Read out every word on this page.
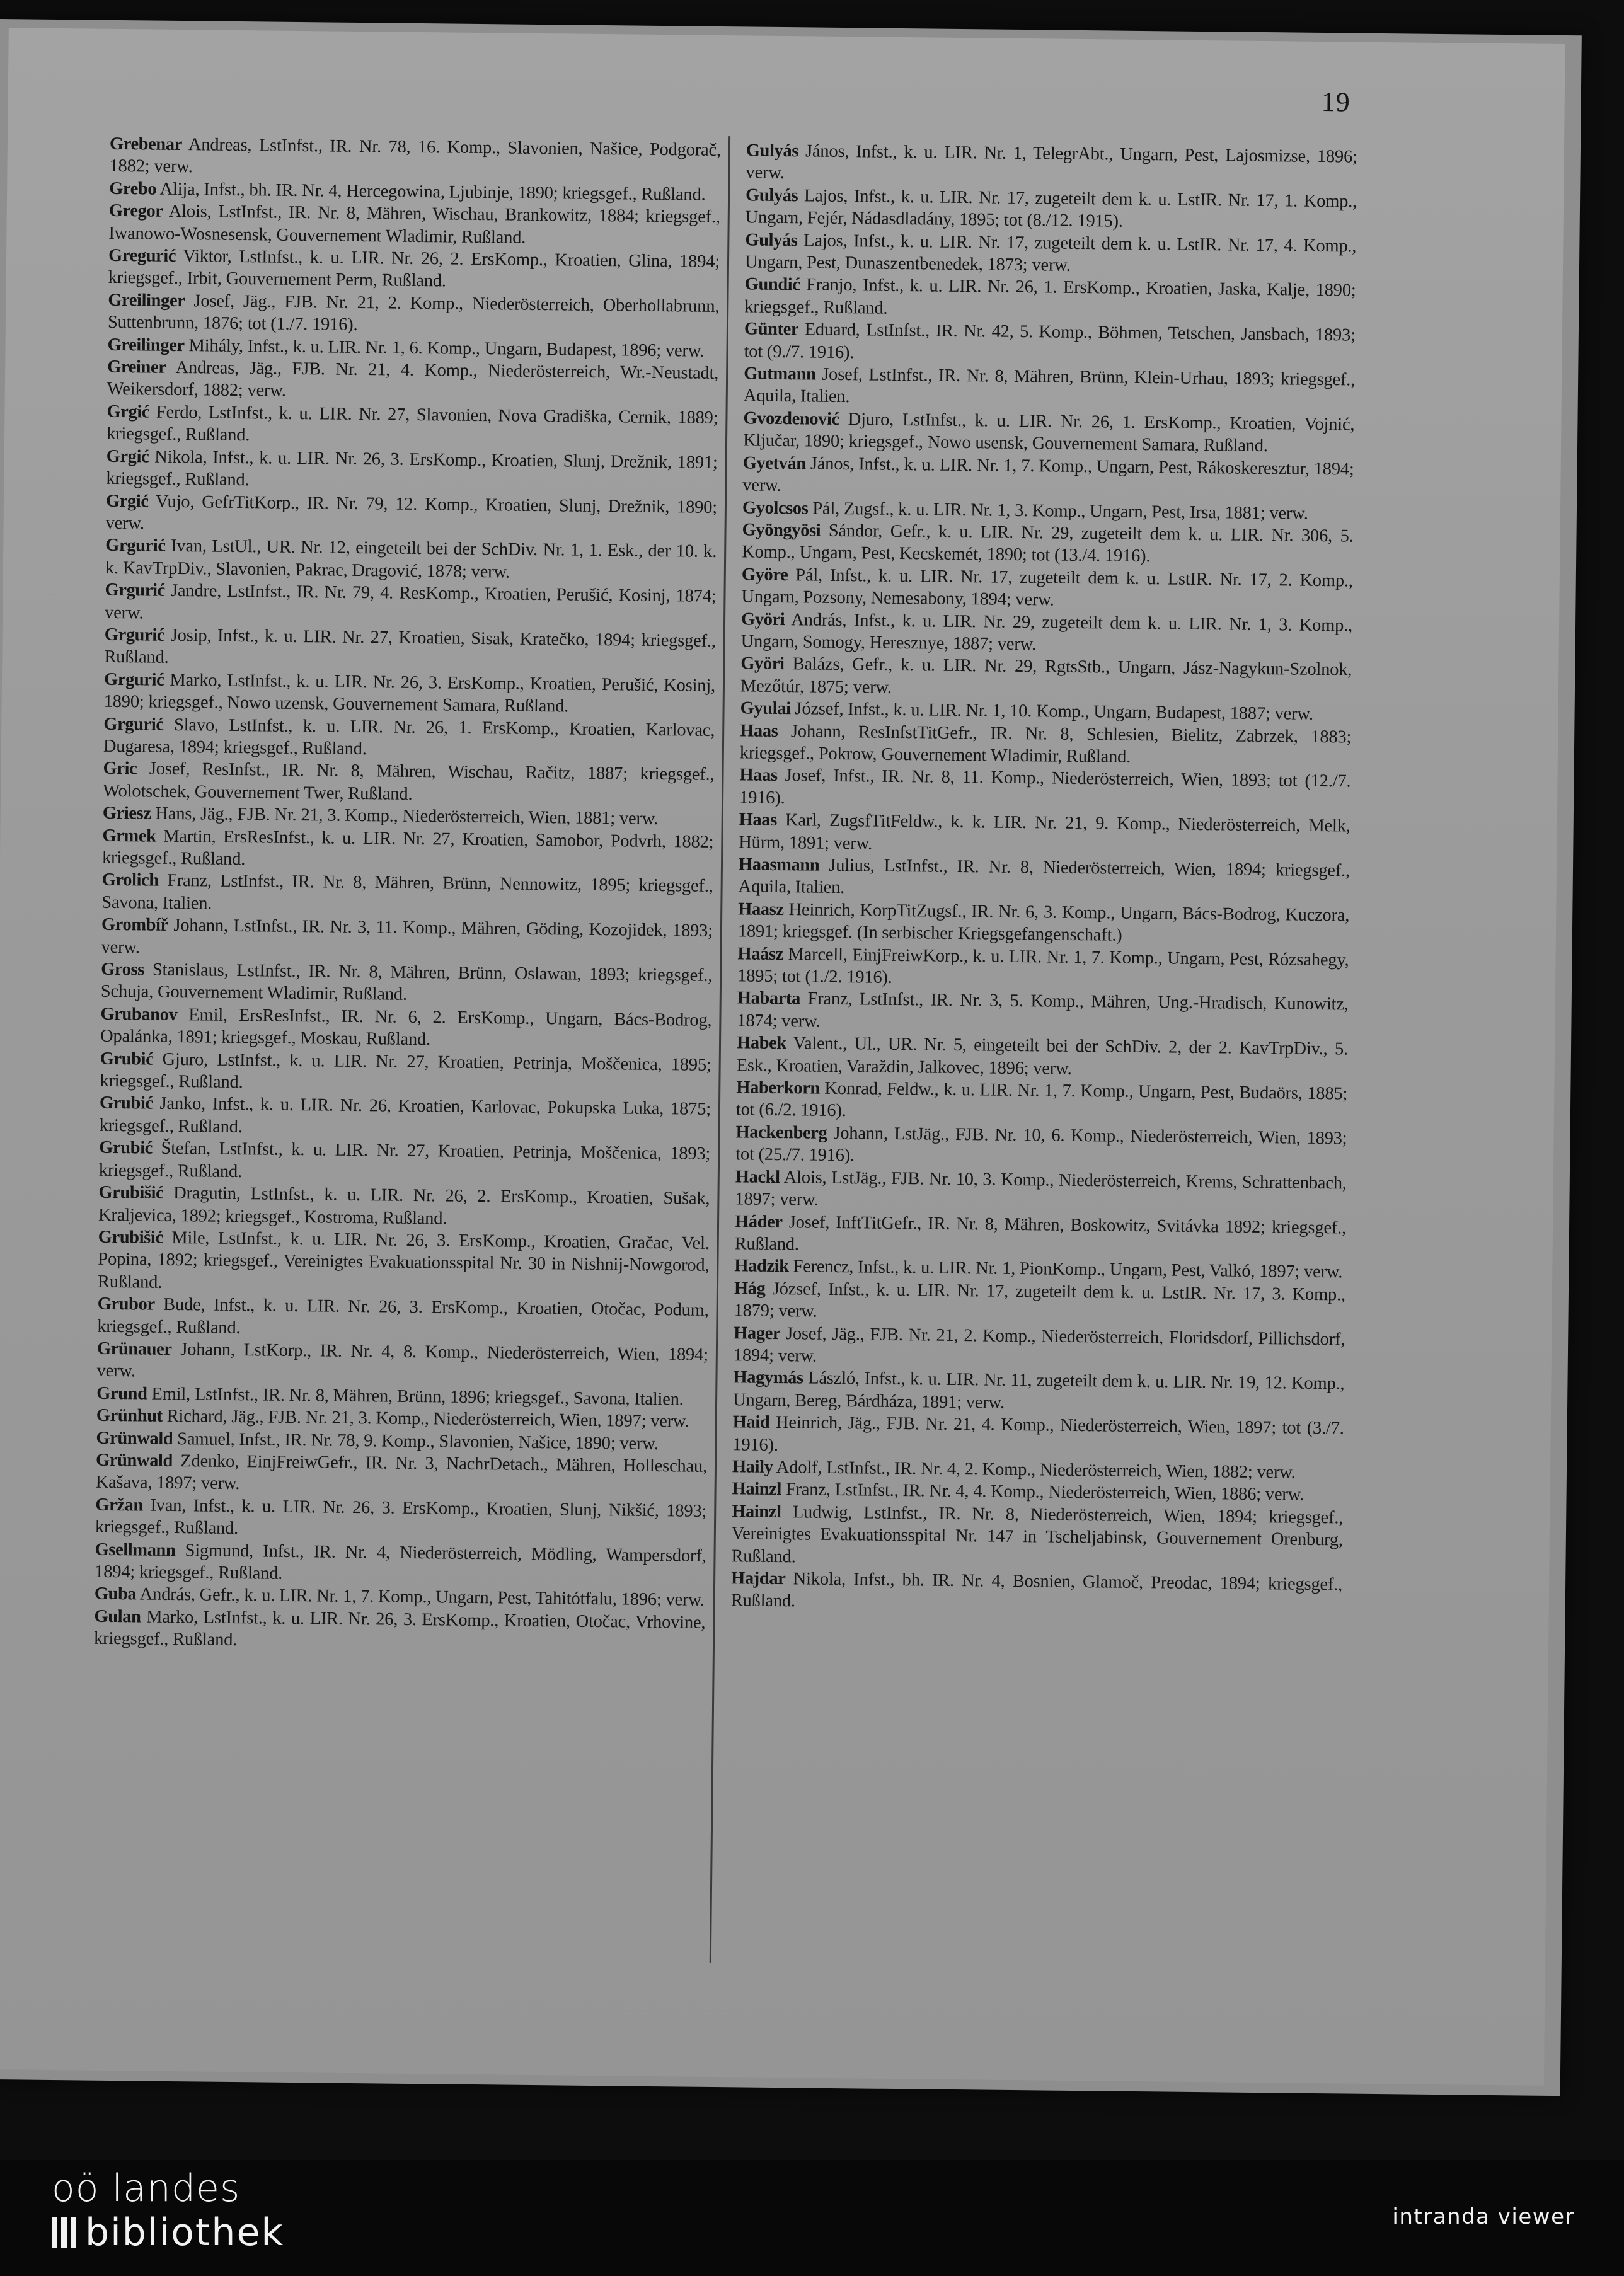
19

Grebenar Andreas, LstInfst., IR. Nr. 78, 16. Komp., Slavonien, Našice, Podgorač, 1882; verw.

Grebo Alija, Infst., bh. IR. Nr. 4, Hercegowina, Ljubinje, 1890; kriegsgef., Rußland.

Gregor Alois, LstInfst., IR. Nr. 8, Mähren, Wischau, Brankowitz, 1884; kriegsgef., Iwanowo-Wosnesensk, Gouvernement Wladimir, Rußland.

Gregurić Viktor, LstInfst., k. u. LIR. Nr. 26, 2. ErsKomp., Kroatien, Glina, 1894; kriegsgef., Irbit, Gouvernement Perm, Rußland.

Greilinger Josef, Jäg., FJB. Nr. 21, 2. Komp., Niederösterreich, Oberhollabrunn, Suttenbrunn, 1876; tot (1./7. 1916).

Greilinger Mihály, Infst., k. u. LIR. Nr. 1, 6. Komp., Ungarn, Budapest, 1896; verw.

Greiner Andreas, Jäg., FJB. Nr. 21, 4. Komp., Niederösterreich, Wr.-Neustadt, Weikersdorf, 1882; verw.

Grgić Ferdo, LstInfst., k. u. LIR. Nr. 27, Slavonien, Nova Gradiška, Cernik, 1889; kriegsgef., Rußland.

Grgić Nikola, Infst., k. u. LIR. Nr. 26, 3. ErsKomp., Kroatien, Slunj, Drežnik, 1891; kriegsgef., Rußland.

Grgić Vujo, GefrTitKorp., IR. Nr. 79, 12. Komp., Kroatien, Slunj, Drežnik, 1890; verw.

Grgurić Ivan, LstUl., UR. Nr. 12, eingeteilt bei der SchDiv. Nr. 1, 1. Esk., der 10. k. k. KavTrpDiv., Slavonien, Pakrac, Dragović, 1878; verw.

Grgurić Jandre, LstInfst., IR. Nr. 79, 4. ResKomp., Kroatien, Perušić, Kosinj, 1874; verw.

Grgurić Josip, Infst., k. u. LIR. Nr. 27, Kroatien, Sisak, Kratečko, 1894; kriegsgef., Rußland.

Grgurić Marko, LstInfst., k. u. LIR. Nr. 26, 3. ErsKomp., Kroatien, Perušić, Kosinj, 1890; kriegsgef., Nowo uzensk, Gouvernement Samara, Rußland.

Grgurić Slavo, LstInfst., k. u. LIR. Nr. 26, 1. ErsKomp., Kroatien, Karlovac, Dugaresa, 1894; kriegsgef., Rußland.

Gric Josef, ResInfst., IR. Nr. 8, Mähren, Wischau, Račitz, 1887; kriegsgef., Wolotschek, Gouvernement Twer, Rußland.

Griesz Hans, Jäg., FJB. Nr. 21, 3. Komp., Niederösterreich, Wien, 1881; verw.

Grmek Martin, ErsResInfst., k. u. LIR. Nr. 27, Kroatien, Samobor, Podvrh, 1882; kriegsgef., Rußland.

Grolich Franz, LstInfst., IR. Nr. 8, Mähren, Brünn, Nennowitz, 1895; kriegsgef., Savona, Italien.

Grombíř Johann, LstInfst., IR. Nr. 3, 11. Komp., Mähren, Göding, Kozojidek, 1893; verw.

Gross Stanislaus, LstInfst., IR. Nr. 8, Mähren, Brünn, Oslawan, 1893; kriegsgef., Schuja, Gouvernement Wladimir, Rußland.

Grubanov Emil, ErsResInfst., IR. Nr. 6, 2. ErsKomp., Ungarn, Bács-Bodrog, Opalánka, 1891; kriegsgef., Moskau, Rußland.

Grubić Gjuro, LstInfst., k. u. LIR. Nr. 27, Kroatien, Petrinja, Moščenica, 1895; kriegsgef., Rußland.

Grubić Janko, Infst., k. u. LIR. Nr. 26, Kroatien, Karlovac, Pokupska Luka, 1875; kriegsgef., Rußland.

Grubić Štefan, LstInfst., k. u. LIR. Nr. 27, Kroatien, Petrinja, Moščenica, 1893; kriegsgef., Rußland.

Grubišić Dragutin, LstInfst., k. u. LIR. Nr. 26, 2. ErsKomp., Kroatien, Sušak, Kraljevica, 1892; kriegsgef., Kostroma, Rußland.

Grubišić Mile, LstInfst., k. u. LIR. Nr. 26, 3. ErsKomp., Kroatien, Gračac, Vel. Popina, 1892; kriegsgef., Vereinigtes Evakuationsspital Nr. 30 in Nishnij-Nowgorod, Rußland.

Grubor Bude, Infst., k. u. LIR. Nr. 26, 3. ErsKomp., Kroatien, Otočac, Podum, kriegsgef., Rußland.

Grünauer Johann, LstKorp., IR. Nr. 4, 8. Komp., Niederösterreich, Wien, 1894; verw.

Grund Emil, LstInfst., IR. Nr. 8, Mähren, Brünn, 1896; kriegsgef., Savona, Italien.

Grünhut Richard, Jäg., FJB. Nr. 21, 3. Komp., Niederösterreich, Wien, 1897; verw.

Grünwald Samuel, Infst., IR. Nr. 78, 9. Komp., Slavonien, Našice, 1890; verw.

Grünwald Zdenko, EinjFreiwGefr., IR. Nr. 3, NachrDetach., Mähren, Holleschau, Kašava, 1897; verw.

Gržan Ivan, Infst., k. u. LIR. Nr. 26, 3. ErsKomp., Kroatien, Slunj, Nikšić, 1893; kriegsgef., Rußland.

Gsellmann Sigmund, Infst., IR. Nr. 4, Niederösterreich, Mödling, Wampersdorf, 1894; kriegsgef., Rußland.

Guba András, Gefr., k. u. LIR. Nr. 1, 7. Komp., Ungarn, Pest, Tahitótfalu, 1896; verw.

Gulan Marko, LstInfst., k. u. LIR. Nr. 26, 3. ErsKomp., Kroatien, Otočac, Vrhovine, kriegsgef., Rußland.

Gulyás János, Infst., k. u. LIR. Nr. 1, TelegrAbt., Ungarn, Pest, Lajosmizse, 1896; verw.

Gulyás Lajos, Infst., k. u. LIR. Nr. 17, zugeteilt dem k. u. LstIR. Nr. 17, 1. Komp., Ungarn, Fejér, Nádasdladány, 1895; tot (8./12. 1915).

Gulyás Lajos, Infst., k. u. LIR. Nr. 17, zugeteilt dem k. u. LstIR. Nr. 17, 4. Komp., Ungarn, Pest, Dunaszentbenedek, 1873; verw.

Gundić Franjo, Infst., k. u. LIR. Nr. 26, 1. ErsKomp., Kroatien, Jaska, Kalje, 1890; kriegsgef., Rußland.

Günter Eduard, LstInfst., IR. Nr. 42, 5. Komp., Böhmen, Tetschen, Jansbach, 1893; tot (9./7. 1916).

Gutmann Josef, LstInfst., IR. Nr. 8, Mähren, Brünn, Klein-Urhau, 1893; kriegsgef., Aquila, Italien.

Gvozdenović Djuro, LstInfst., k. u. LIR. Nr. 26, 1. ErsKomp., Kroatien, Vojnić, Ključar, 1890; kriegsgef., Nowo usensk, Gouvernement Samara, Rußland.

Gyetván János, Infst., k. u. LIR. Nr. 1, 7. Komp., Ungarn, Pest, Rákoskeresztur, 1894; verw.

Gyolcsos Pál, Zugsf., k. u. LIR. Nr. 1, 3. Komp., Ungarn, Pest, Irsa, 1881; verw.

Gyöngyösi Sándor, Gefr., k. u. LIR. Nr. 29, zugeteilt dem k. u. LIR. Nr. 306, 5. Komp., Ungarn, Pest, Kecskemét, 1890; tot (13./4. 1916).

Györe Pál, Infst., k. u. LIR. Nr. 17, zugeteilt dem k. u. LstIR. Nr. 17, 2. Komp., Ungarn, Pozsony, Nemesabony, 1894; verw.

Györi András, Infst., k. u. LIR. Nr. 29, zugeteilt dem k. u. LIR. Nr. 1, 3. Komp., Ungarn, Somogy, Heresznye, 1887; verw.

Györi Balázs, Gefr., k. u. LIR. Nr. 29, RgtsStb., Ungarn, Jász-Nagykun-Szolnok, Mezőtúr, 1875; verw.

Gyulai József, Infst., k. u. LIR. Nr. 1, 10. Komp., Ungarn, Budapest, 1887; verw.

Haas Johann, ResInfstTitGefr., IR. Nr. 8, Schlesien, Bielitz, Zabrzek, 1883; kriegsgef., Pokrow, Gouvernement Wladimir, Rußland.

Haas Josef, Infst., IR. Nr. 8, 11. Komp., Niederösterreich, Wien, 1893; tot (12./7. 1916).

Haas Karl, ZugsfTitFeldw., k. k. LIR. Nr. 21, 9. Komp., Niederösterreich, Melk, Hürm, 1891; verw.

Haasmann Julius, LstInfst., IR. Nr. 8, Niederösterreich, Wien, 1894; kriegsgef., Aquila, Italien.

Haasz Heinrich, KorpTitZugsf., IR. Nr. 6, 3. Komp., Ungarn, Bács-Bodrog, Kuczora, 1891; kriegsgef. (In serbischer Kriegsgefangenschaft.)

Haász Marcell, EinjFreiwKorp., k. u. LIR. Nr. 1, 7. Komp., Ungarn, Pest, Rózsahegy, 1895; tot (1./2. 1916).

Habarta Franz, LstInfst., IR. Nr. 3, 5. Komp., Mähren, Ung.-Hradisch, Kunowitz, 1874; verw.

Habek Valent., Ul., UR. Nr. 5, eingeteilt bei der SchDiv. 2, der 2. KavTrpDiv., 5. Esk., Kroatien, Varaždin, Jalkovec, 1896; verw.

Haberkorn Konrad, Feldw., k. u. LIR. Nr. 1, 7. Komp., Ungarn, Pest, Budaörs, 1885; tot (6./2. 1916).

Hackenberg Johann, LstJäg., FJB. Nr. 10, 6. Komp., Niederösterreich, Wien, 1893; tot (25./7. 1916).

Hackl Alois, LstJäg., FJB. Nr. 10, 3. Komp., Niederösterreich, Krems, Schrattenbach, 1897; verw.

Háder Josef, InftTitGefr., IR. Nr. 8, Mähren, Boskowitz, Svitávka 1892; kriegsgef., Rußland.

Hadzik Ferencz, Infst., k. u. LIR. Nr. 1, PionKomp., Ungarn, Pest, Valkó, 1897; verw.

Hág József, Infst., k. u. LIR. Nr. 17, zugeteilt dem k. u. LstIR. Nr. 17, 3. Komp., 1879; verw.

Hager Josef, Jäg., FJB. Nr. 21, 2. Komp., Niederösterreich, Floridsdorf, Pillichsdorf, 1894; verw.

Hagymás László, Infst., k. u. LIR. Nr. 11, zugeteilt dem k. u. LIR. Nr. 19, 12. Komp., Ungarn, Bereg, Bárdháza, 1891; verw.

Haid Heinrich, Jäg., FJB. Nr. 21, 4. Komp., Niederösterreich, Wien, 1897; tot (3./7. 1916).

Haily Adolf, LstInfst., IR. Nr. 4, 2. Komp., Niederösterreich, Wien, 1882; verw.

Hainzl Franz, LstInfst., IR. Nr. 4, 4. Komp., Niederösterreich, Wien, 1886; verw.

Hainzl Ludwig, LstInfst., IR. Nr. 8, Niederösterreich, Wien, 1894; kriegsgef., Vereinigtes Evakuationsspital Nr. 147 in Tscheljabinsk, Gouvernement Orenburg, Rußland.

Hajdar Nikola, Infst., bh. IR. Nr. 4, Bosnien, Glamoč, Preodac, 1894; kriegsgef., Rußland.

oö landes
bibliothek	intranda viewer
